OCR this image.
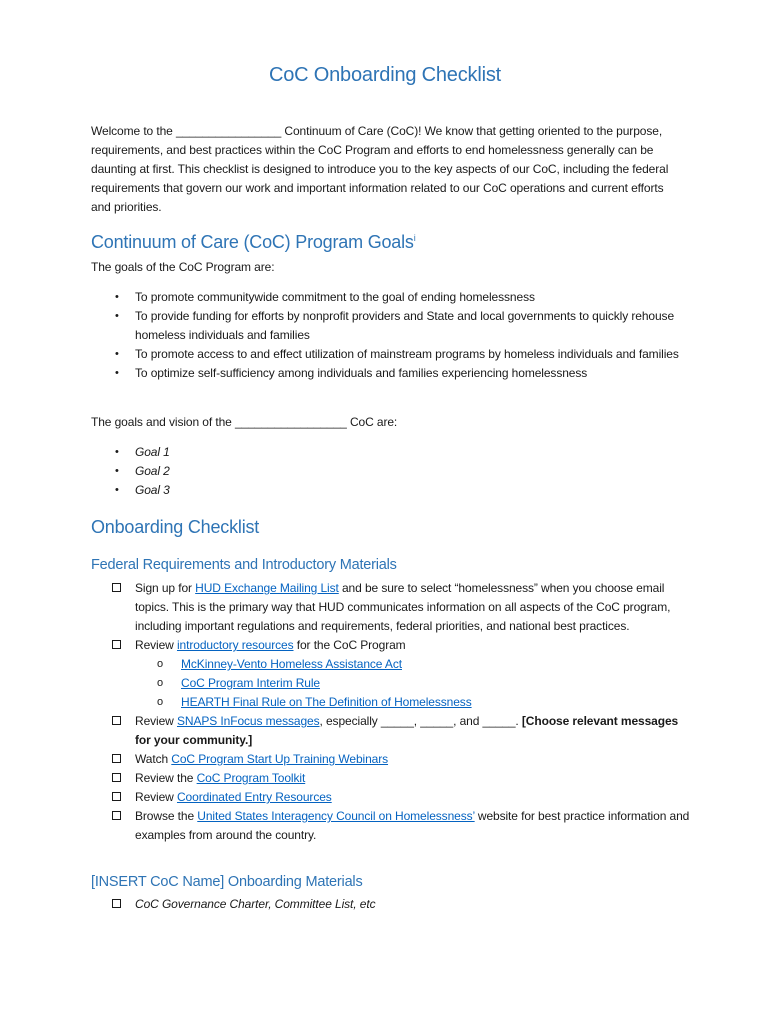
CoC Onboarding Checklist
Welcome to the ________________ Continuum of Care (CoC)! We know that getting oriented to the purpose, requirements, and best practices within the CoC Program and efforts to end homelessness generally can be daunting at first. This checklist is designed to introduce you to the key aspects of our CoC, including the federal requirements that govern our work and important information related to our CoC operations and current efforts and priorities.
Continuum of Care (CoC) Program Goals$^i$
The goals of the CoC Program are:
• To promote communitywide commitment to the goal of ending homelessness
• To provide funding for efforts by nonprofit providers and State and local governments to quickly rehouse homeless individuals and families
• To promote access to and effect utilization of mainstream programs by homeless individuals and families
• To optimize self-sufficiency among individuals and families experiencing homelessness
The goals and vision of the _________________ CoC are:
• Goal 1
• Goal 2
• Goal 3
Onboarding Checklist
Federal Requirements and Introductory Materials
Sign up for HUD Exchange Mailing List and be sure to select “homelessness” when you choose email topics. This is the primary way that HUD communicates information on all aspects of the CoC program, including important regulations and requirements, federal priorities, and national best practices.
Review introductory resources for the CoC Program
o McKinney-Vento Homeless Assistance Act
o CoC Program Interim Rule
o HEARTH Final Rule on The Definition of Homelessness
Review SNAPS InFocus messages, especially _____, _____, and _____. [Choose relevant messages for your community.]
Watch CoC Program Start Up Training Webinars
Review the CoC Program Toolkit
Review Coordinated Entry Resources
Browse the United States Interagency Council on Homelessness’ website for best practice information and examples from around the country.
[INSERT CoC Name] Onboarding Materials
CoC Governance Charter, Committee List, etc
